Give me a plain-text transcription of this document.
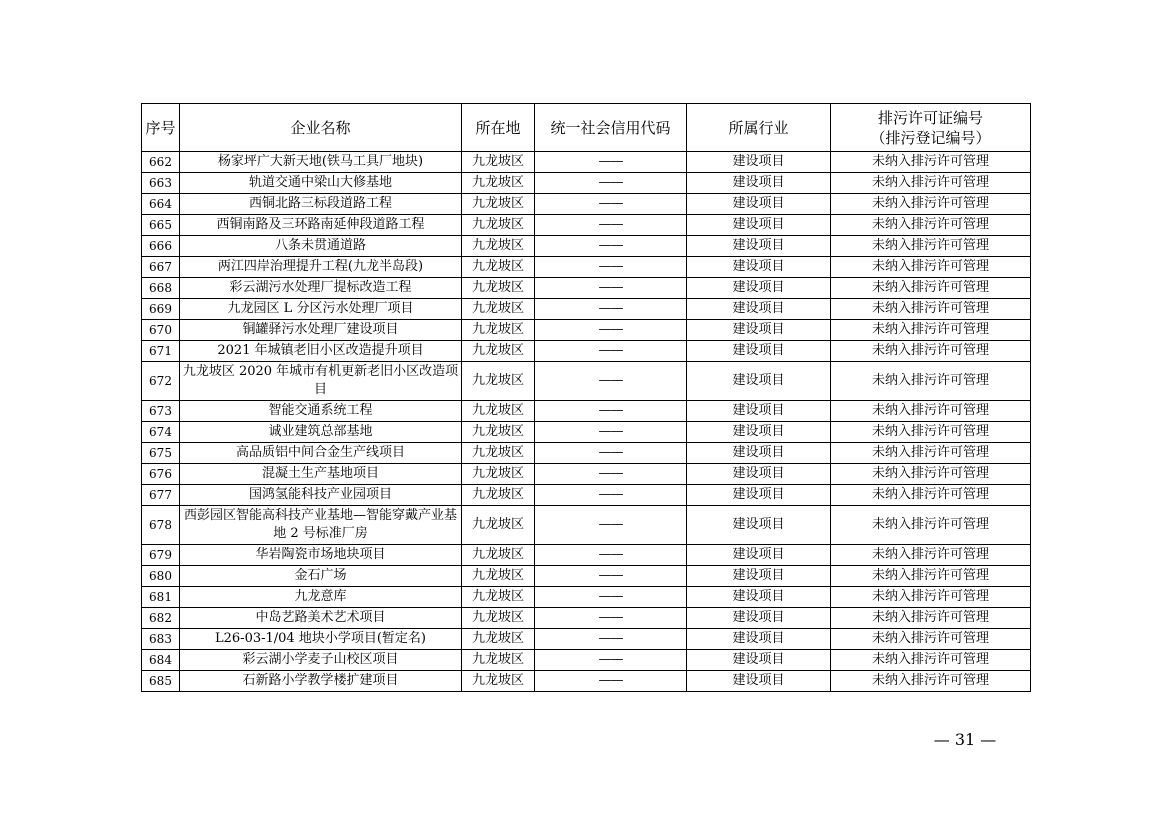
序号	企业名称	所在地	统一社会信用代码	所属行业	排污许可证编号
（排污登记编号）

662	杨家坪广大新天地(铁马工具厂地块)	九龙坡区	——	建设项目	未纳入排污许可管理
663	轨道交通中梁山大修基地	九龙坡区	——	建设项目	未纳入排污许可管理
664	西铜北路三标段道路工程	九龙坡区	——	建设项目	未纳入排污许可管理
665	西铜南路及三环路南延伸段道路工程	九龙坡区	——	建设项目	未纳入排污许可管理
666	八条未贯通道路	九龙坡区	——	建设项目	未纳入排污许可管理
667	两江四岸治理提升工程(九龙半岛段)	九龙坡区	——	建设项目	未纳入排污许可管理
668	彩云湖污水处理厂提标改造工程	九龙坡区	——	建设项目	未纳入排污许可管理
669	九龙园区 L 分区污水处理厂项目	九龙坡区	——	建设项目	未纳入排污许可管理
670	铜罐驿污水处理厂建设项目	九龙坡区	——	建设项目	未纳入排污许可管理
671	2021 年城镇老旧小区改造提升项目	九龙坡区	——	建设项目	未纳入排污许可管理
672	九龙坡区 2020 年城市有机更新老旧小区改造项目	九龙坡区	——	建设项目	未纳入排污许可管理
673	智能交通系统工程	九龙坡区	——	建设项目	未纳入排污许可管理
674	诚业建筑总部基地	九龙坡区	——	建设项目	未纳入排污许可管理
675	高品质铝中间合金生产线项目	九龙坡区	——	建设项目	未纳入排污许可管理
676	混凝土生产基地项目	九龙坡区	——	建设项目	未纳入排污许可管理
677	国鸿氢能科技产业园项目	九龙坡区	——	建设项目	未纳入排污许可管理
678	西彭园区智能高科技产业基地—智能穿戴产业基地 2 号标准厂房	九龙坡区	——	建设项目	未纳入排污许可管理
679	华岩陶瓷市场地块项目	九龙坡区	——	建设项目	未纳入排污许可管理
680	金石广场	九龙坡区	——	建设项目	未纳入排污许可管理
681	九龙意库	九龙坡区	——	建设项目	未纳入排污许可管理
682	中岛艺路美术艺术项目	九龙坡区	——	建设项目	未纳入排污许可管理
683	L26-03-1/04 地块小学项目(暂定名)	九龙坡区	——	建设项目	未纳入排污许可管理
684	彩云湖小学麦子山校区项目	九龙坡区	——	建设项目	未纳入排污许可管理
685	石新路小学教学楼扩建项目	九龙坡区	——	建设项目	未纳入排污许可管理
— 31 —
